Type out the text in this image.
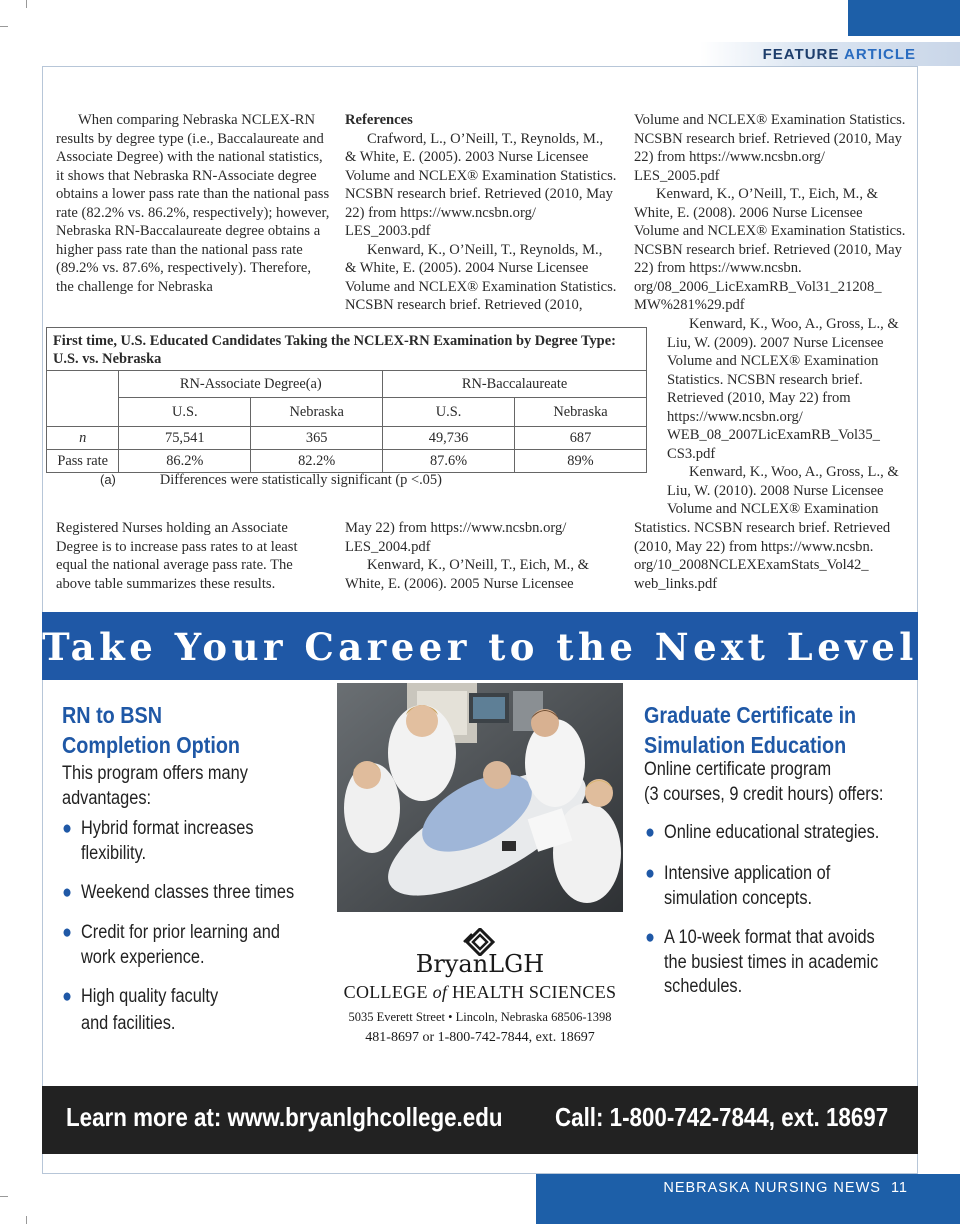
FEATURE ARTICLE

When comparing Nebraska NCLEX-RN results by degree type (i.e., Baccalaureate and Associate Degree) with the national statistics, it shows that Nebraska RN-Associate degree obtains a lower pass rate than the national pass rate (82.2% vs. 86.2%, respectively); however, Nebraska RN-Baccalaureate degree obtains a higher pass rate than the national pass rate (89.2% vs. 87.6%, respectively). Therefore, the challenge for Nebraska

References

Crafword, L., O’Neill, T., Reynolds, M., & White, E. (2005). 2003 Nurse Licensee Volume and NCLEX® Examination Statistics. NCSBN research brief. Retrieved (2010, May 22) from https://www.ncsbn.org/ LES_2003.pdf

Kenward, K., O’Neill, T., Reynolds, M., & White, E. (2005). 2004 Nurse Licensee Volume and NCLEX® Examination Statistics. NCSBN research brief. Retrieved (2010,

Volume and NCLEX® Examination Statistics. NCSBN research brief. Retrieved (2010, May 22) from https://www.ncsbn.org/ LES_2005.pdf

Kenward, K., O’Neill, T., Eich, M., & White, E. (2008). 2006 Nurse Licensee Volume and NCLEX® Examination Statistics. NCSBN research brief. Retrieved (2010, May 22) from https://www.ncsbn. org/08_2006_LicExamRB_Vol31_21208_ MW%281%29.pdf

Kenward, K., Woo, A., Gross, L., & Liu, W. (2009). 2007 Nurse Licensee Volume and NCLEX® Examination Statistics. NCSBN research brief. Retrieved (2010, May 22) from https://www.ncsbn.org/ WEB_08_2007LicExamRB_Vol35_ CS3.pdf

Kenward, K., Woo, A., Gross, L., & Liu, W. (2010). 2008 Nurse Licensee Volume and NCLEX® Examination

First time, U.S. Educated Candidates Taking the NCLEX-RN Examination by Degree Type: U.S. vs. Nebraska				
	RN-Associate Degree(a)		RN-Baccalaureate	
	U.S.	Nebraska	U.S.	Nebraska
n	75,541	365	49,736	687
Pass rate	86.2%	82.2%	87.6%	89%
(a)	Differences were statistically significant (p <.05)

Registered Nurses holding an Associate Degree is to increase pass rates to at least equal the national average pass rate. The above table summarizes these results.

May 22) from https://www.ncsbn.org/ LES_2004.pdf

Kenward, K., O’Neill, T., Eich, M., & White, E. (2006). 2005 Nurse Licensee

Statistics. NCSBN research brief. Retrieved (2010, May 22) from https://www.ncsbn. org/10_2008NCLEXExamStats_Vol42_ web_links.pdf

Take Your Career to the Next Level
RN to BSN
Completion Option
This program offers many
advantages:
● Hybrid format increases
flexibility.
● Weekend classes three times
● Credit for prior learning and
work experience.
● High quality faculty
and facilities.
BryanLGH
COLLEGE of HEALTH SCIENCES
5035 Everett Street • Lincoln, Nebraska 68506-1398
481-8697 or 1-800-742-7844, ext. 18697
Graduate Certificate in
Simulation Education
Online certificate program
(3 courses, 9 credit hours) offers:
● Online educational strategies.
● Intensive application of
simulation concepts.
● A 10-week format that avoids
the busiest times in academic
schedules.
Learn more at: www.bryanlghcollege.edu Call: 1-800-742-7844, ext. 18697
NEBRASKA NURSING NEWS 11
